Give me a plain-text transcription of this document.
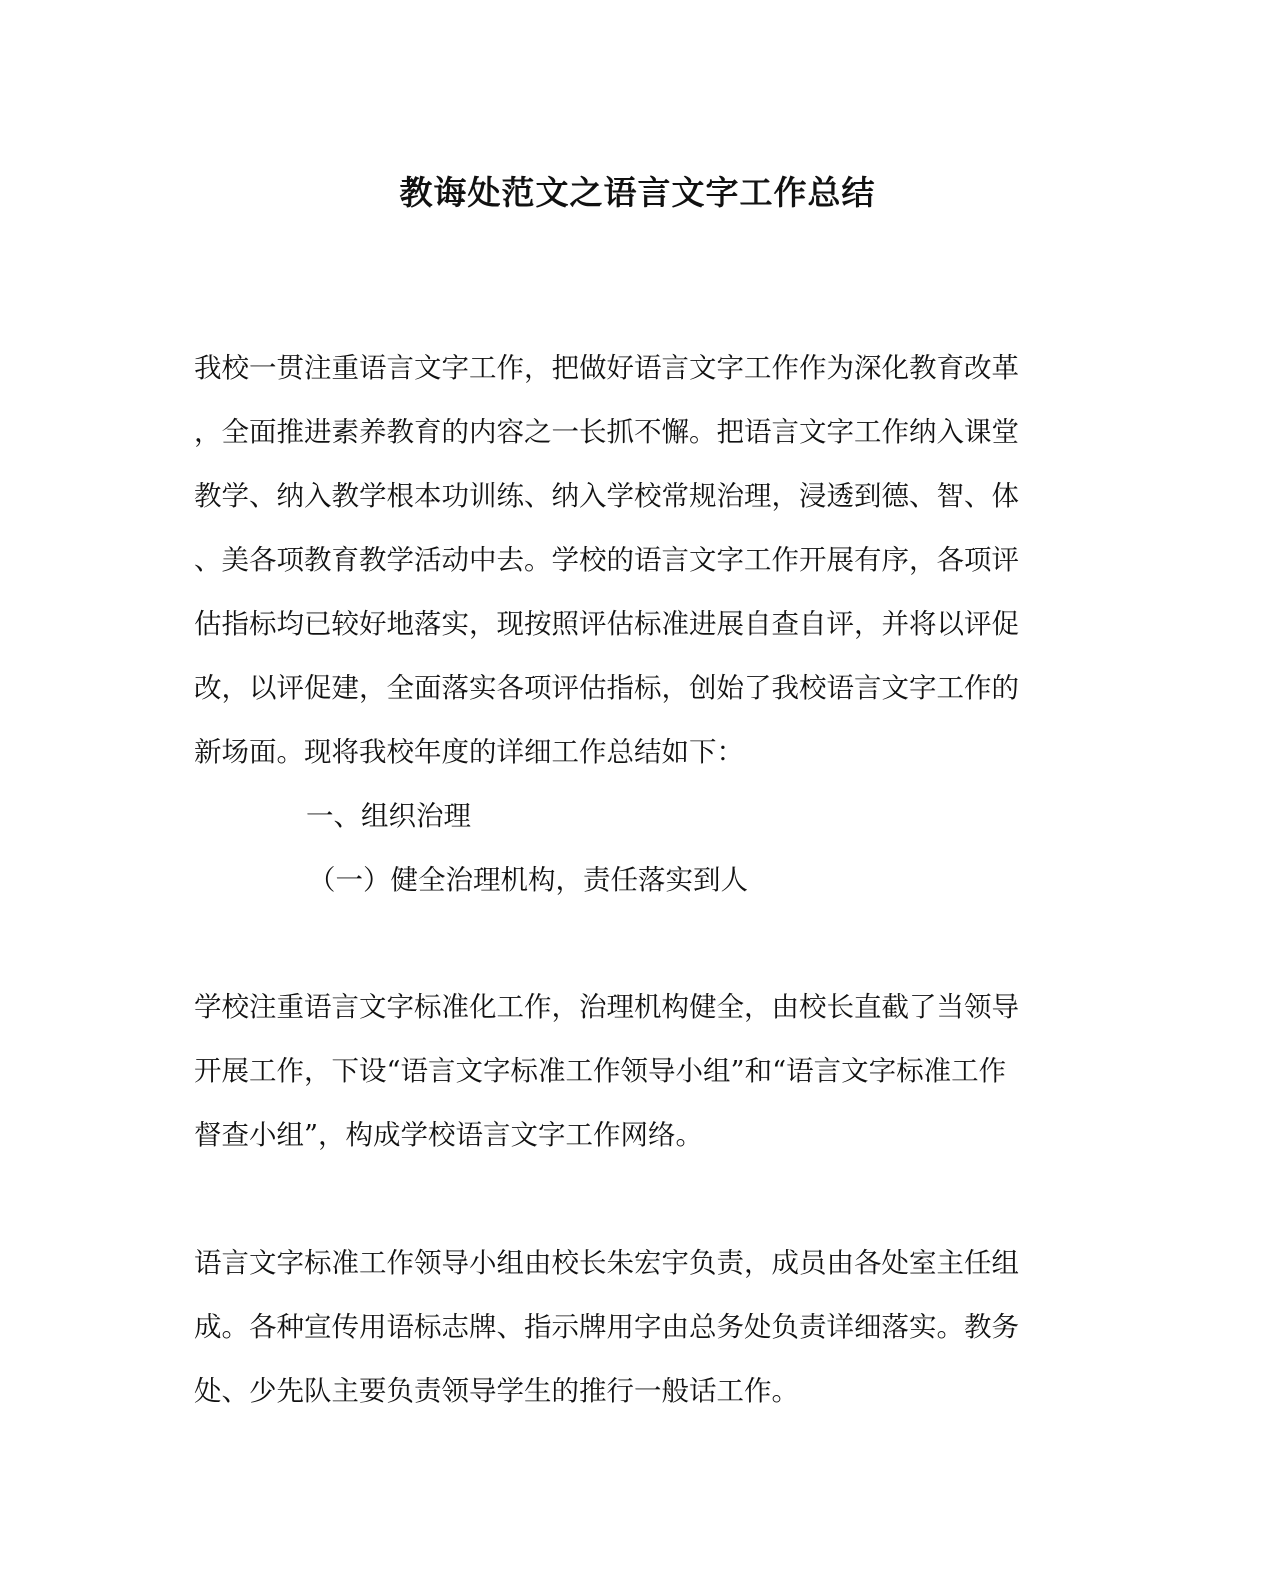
教诲处范文之语言文字工作总结
我校一贯注重语言文字工作，把做好语言文字工作作为深化教育改革
，全面推进素养教育的内容之一长抓不懈。把语言文字工作纳入课堂
教学、纳入教学根本功训练、纳入学校常规治理，浸透到德、智、体
、美各项教育教学活动中去。学校的语言文字工作开展有序，各项评
估指标均已较好地落实，现按照评估标准进展自查自评，并将以评促
改，以评促建，全面落实各项评估指标，创始了我校语言文字工作的
新场面。现将我校年度的详细工作总结如下：
一、组织治理
（一）健全治理机构，责任落实到人
学校注重语言文字标准化工作，治理机构健全，由校长直截了当领导
开展工作，下设“语言文字标准工作领导小组”和“语言文字标准工作
督查小组”，构成学校语言文字工作网络。
语言文字标准工作领导小组由校长朱宏宇负责，成员由各处室主任组
成。各种宣传用语标志牌、指示牌用字由总务处负责详细落实。教务
处、少先队主要负责领导学生的推行一般话工作。
